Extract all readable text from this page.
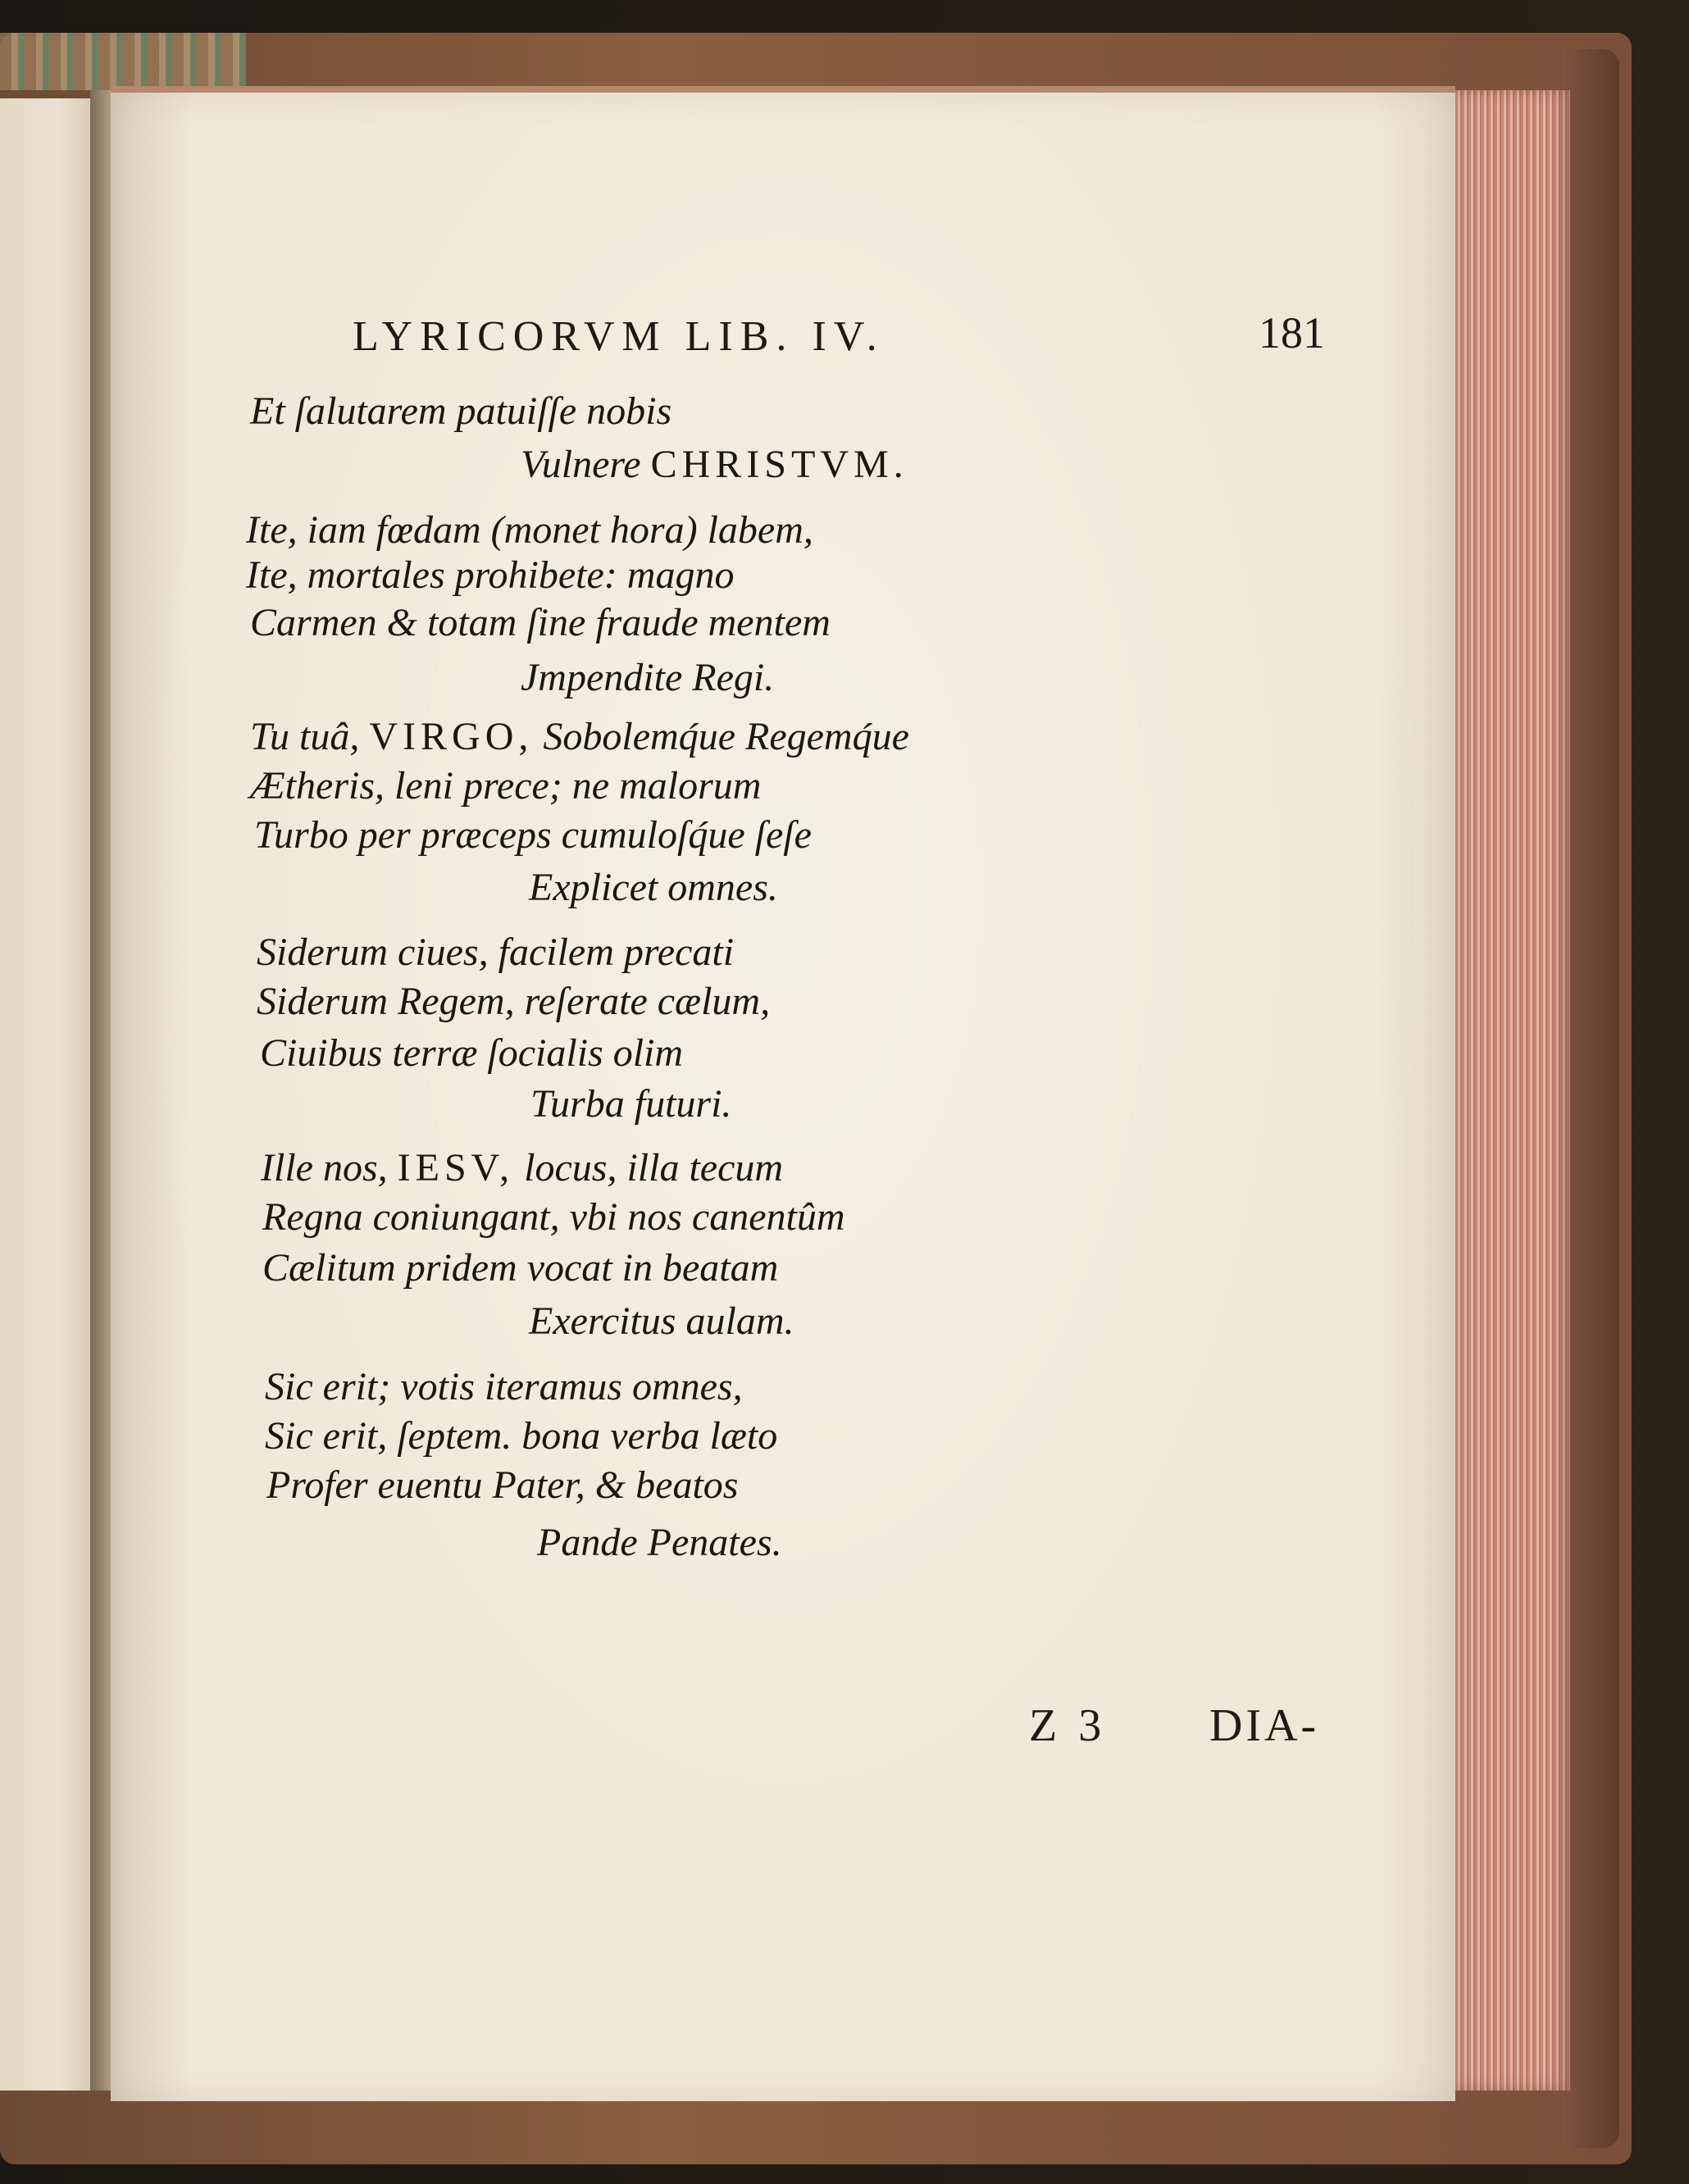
LYRICORVM LIB. IV.	181
Et ſalutarem patuiſſe nobis
Vulnere CHRISTVM.
Ite, iam fœdam (monet hora) labem,
Ite, mortales prohibete: magno
Carmen & totam ſine fraude mentem
Jmpendite Regi.
Tu tuâ, VIRGO, Sobolemq́ue Regemq́ue
Ætheris, leni prece; ne malorum
Turbo per præceps cumuloſq́ue ſeſe
Explicet omnes.
Siderum ciues, facilem precati
Siderum Regem, reſerate cælum,
Ciuibus terræ ſocialis olim
Turba futuri.
Ille nos, IESV, locus, illa tecum
Regna coniungant, vbi nos canentûm
Cælitum pridem vocat in beatam
Exercitus aulam.
Sic erit; votis iteramus omnes,
Sic erit, ſeptem. bona verba læto
Profer euentu Pater, & beatos
Pande Penates.
Z 3 DIA-
